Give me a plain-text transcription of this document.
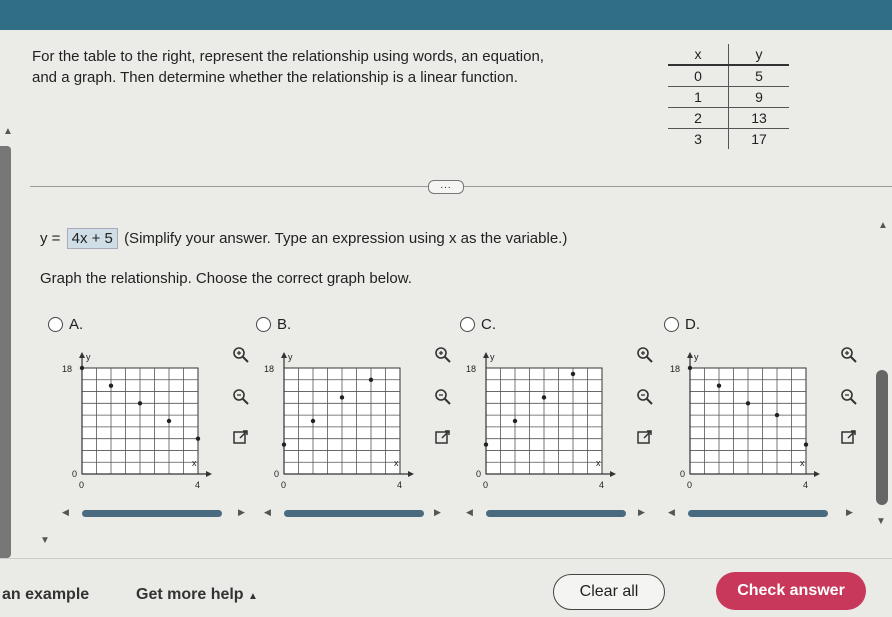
▲
▲
▼
▼
For the table to the right, represent the relationship using words, an equation, and a graph. Then determine whether the relationship is a linear function.
x	y
0	5
1	9
2	13
3	17
...
y = 4x + 5 (Simplify your answer. Type an expression using x as the variable.)
Graph the relationship. Choose the correct graph below.
A.	B.	C.	D.
y
x
18
0
0	4
y
x
18
0
0	4
y
x
18
0
0	4
y
x
18
0
0	4
◀	▶ ◀	▶	◀	▶	◀	▶
an example	Get more help ▲	Clear all	Check answer
